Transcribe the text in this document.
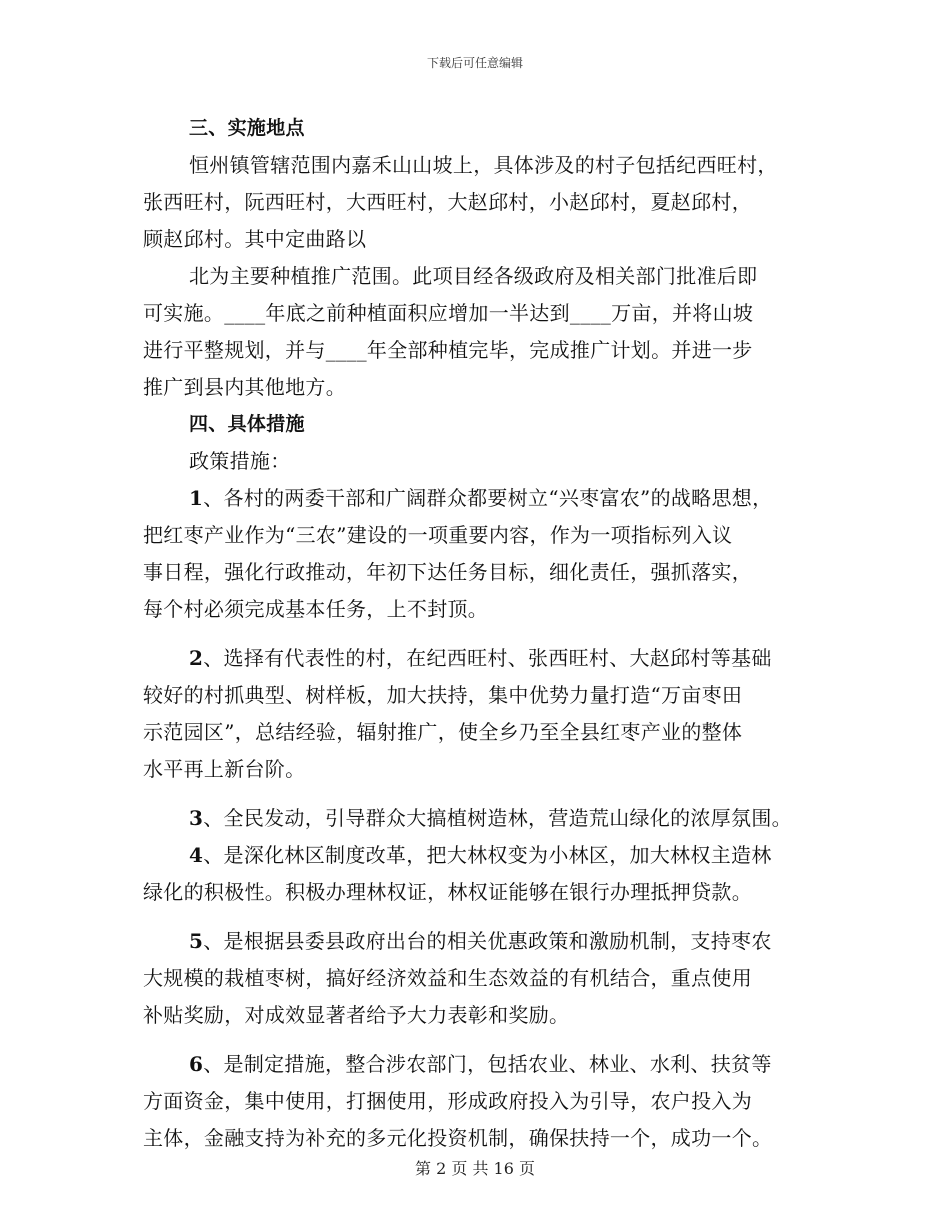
下载后可任意编辑
三、实施地点
恒州镇管辖范围内嘉禾山山坡上，具体涉及的村子包括纪西旺村，
张西旺村，阮西旺村，大西旺村，大赵邱村，小赵邱村，夏赵邱村，
顾赵邱村。其中定曲路以
北为主要种植推广范围。此项目经各级政府及相关部门批准后即
可实施。____年底之前种植面积应增加一半达到____万亩，并将山坡
进行平整规划，并与____年全部种植完毕，完成推广计划。并进一步
推广到县内其他地方。
四、具体措施
政策措施：
1、各村的两委干部和广阔群众都要树立“兴枣富农”的战略思想，
把红枣产业作为“三农”建设的一项重要内容，作为一项指标列入议
事日程，强化行政推动，年初下达任务目标，细化责任，强抓落实，
每个村必须完成基本任务，上不封顶。
2、选择有代表性的村，在纪西旺村、张西旺村、大赵邱村等基础
较好的村抓典型、树样板，加大扶持，集中优势力量打造“万亩枣田
示范园区”，总结经验，辐射推广，使全乡乃至全县红枣产业的整体
水平再上新台阶。
3、全民发动，引导群众大搞植树造林，营造荒山绿化的浓厚氛围。
4、是深化林区制度改革，把大林权变为小林区，加大林权主造林
绿化的积极性。积极办理林权证，林权证能够在银行办理抵押贷款。
5、是根据县委县政府出台的相关优惠政策和激励机制，支持枣农
大规模的栽植枣树，搞好经济效益和生态效益的有机结合，重点使用
补贴奖励，对成效显著者给予大力表彰和奖励。
6、是制定措施，整合涉农部门，包括农业、林业、水利、扶贫等
方面资金，集中使用，打捆使用，形成政府投入为引导，农户投入为
主体，金融支持为补充的多元化投资机制，确保扶持一个，成功一个。
第 2 页 共 16 页
